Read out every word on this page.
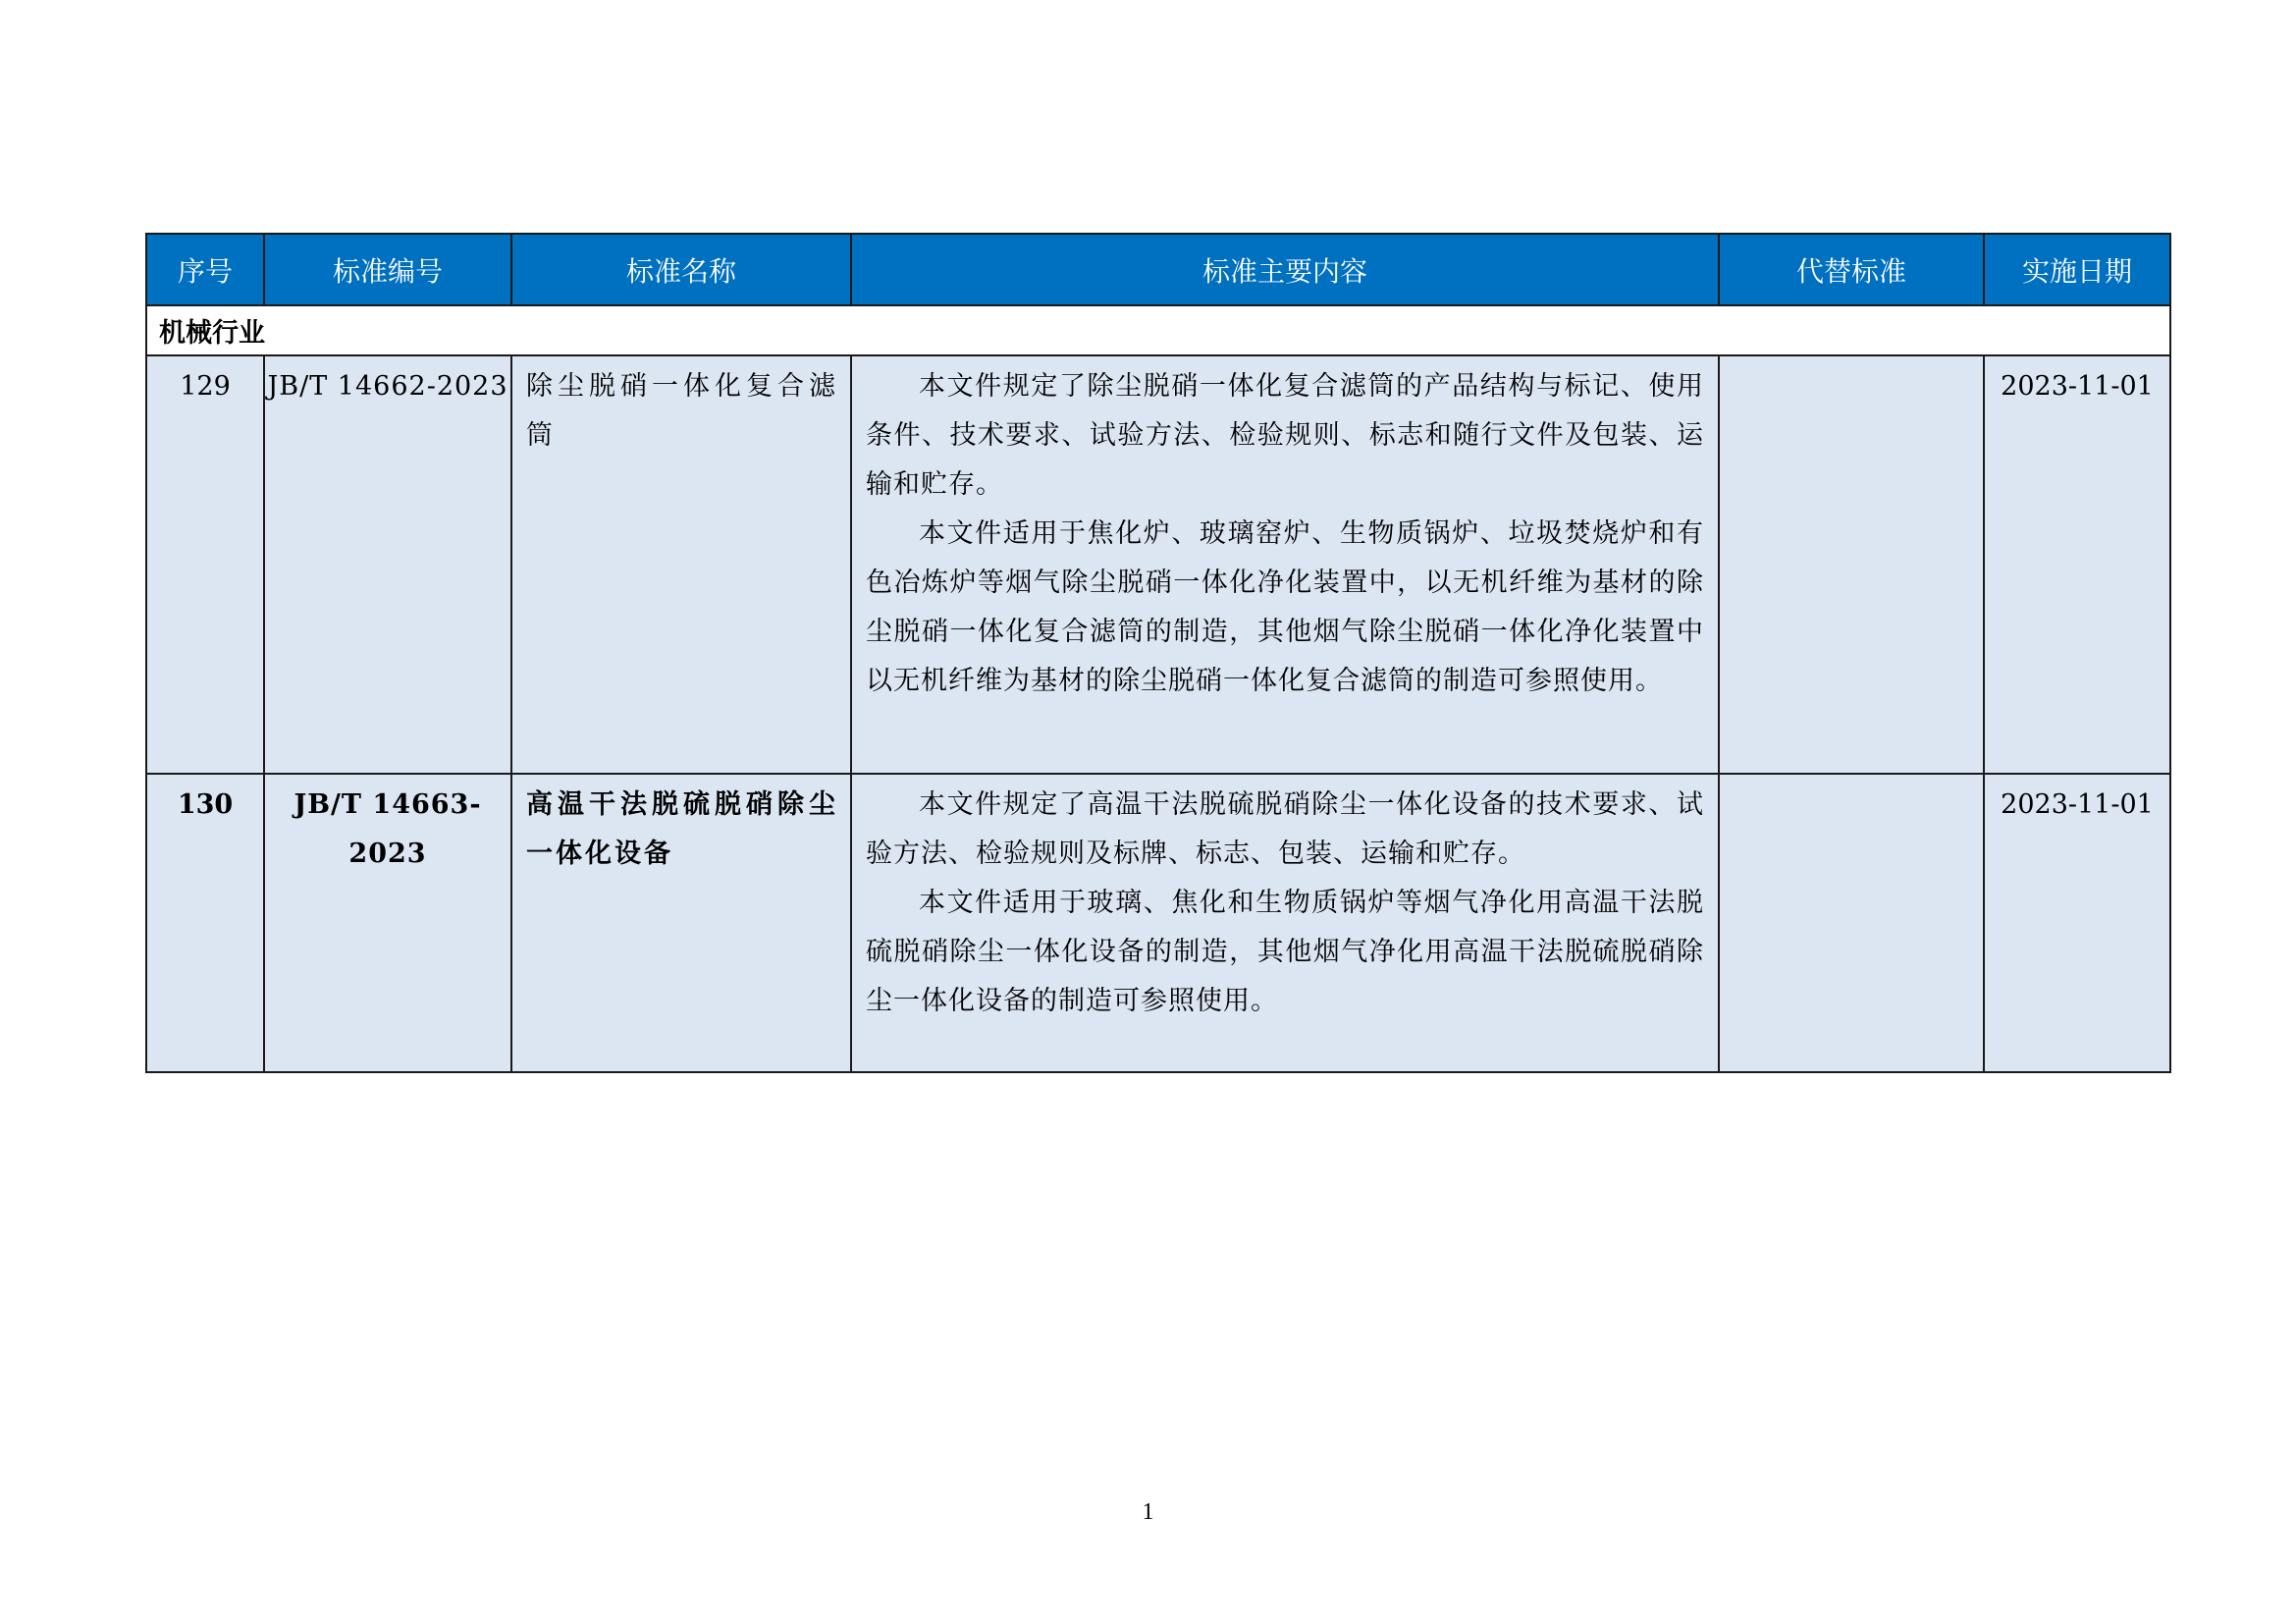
序号	标准编号	标准名称	标准主要内容	代替标准	实施日期
机械行业					
129	JB/T 14662-2023	除尘脱硝一体化复合滤筒	本文件规定了除尘脱硝一体化复合滤筒的产品结构与标记、使用条件、技术要求、试验方法、检验规则、标志和随行文件及包装、运输和贮存。

本文件适用于焦化炉、玻璃窑炉、生物质锅炉、垃圾焚烧炉和有色冶炼炉等烟气除尘脱硝一体化净化装置中，以无机纤维为基材的除尘脱硝一体化复合滤筒的制造，其他烟气除尘脱硝一体化净化装置中以无机纤维为基材的除尘脱硝一体化复合滤筒的制造可参照使用。		2023-11-01
130	JB/T 14663-2023	高温干法脱硫脱硝除尘一体化设备	本文件规定了高温干法脱硫脱硝除尘一体化设备的技术要求、试验方法、检验规则及标牌、标志、包装、运输和贮存。

本文件适用于玻璃、焦化和生物质锅炉等烟气净化用高温干法脱硫脱硝除尘一体化设备的制造，其他烟气净化用高温干法脱硫脱硝除尘一体化设备的制造可参照使用。		2023-11-01
1
